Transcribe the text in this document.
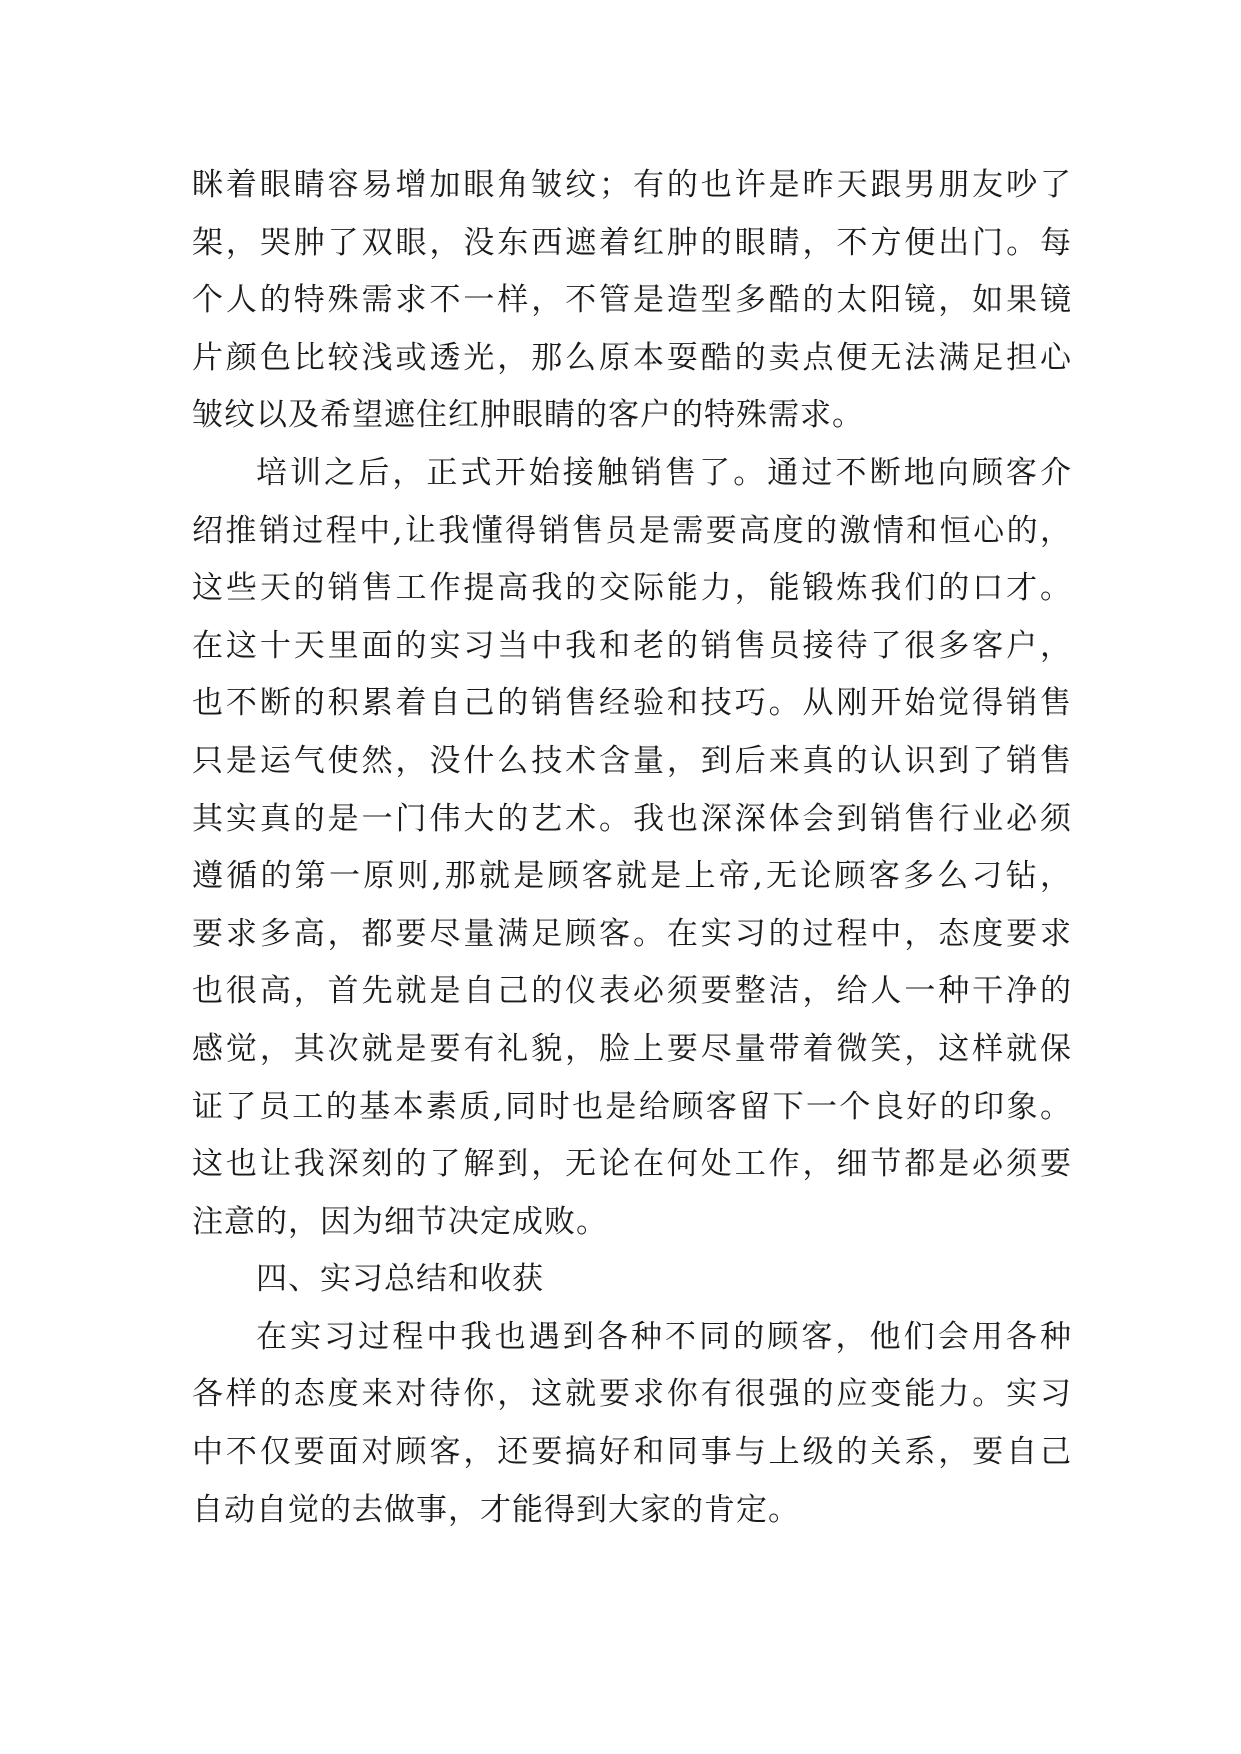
眯着眼睛容易增加眼角皱纹；有的也许是昨天跟男朋友吵了
架，哭肿了双眼，没东西遮着红肿的眼睛，不方便出门。每
个人的特殊需求不一样，不管是造型多酷的太阳镜，如果镜
片颜色比较浅或透光，那么原本耍酷的卖点便无法满足担心
皱纹以及希望遮住红肿眼睛的客户的特殊需求。
培训之后，正式开始接触销售了。通过不断地向顾客介
绍推销过程中,让我懂得销售员是需要高度的激情和恒心的，
这些天的销售工作提高我的交际能力，能锻炼我们的口才。
在这十天里面的实习当中我和老的销售员接待了很多客户，
也不断的积累着自己的销售经验和技巧。从刚开始觉得销售
只是运气使然，没什么技术含量，到后来真的认识到了销售
其实真的是一门伟大的艺术。我也深深体会到销售行业必须
遵循的第一原则,那就是顾客就是上帝,无论顾客多么刁钻，
要求多高，都要尽量满足顾客。在实习的过程中，态度要求
也很高，首先就是自己的仪表必须要整洁，给人一种干净的
感觉，其次就是要有礼貌，脸上要尽量带着微笑，这样就保
证了员工的基本素质,同时也是给顾客留下一个良好的印象。
这也让我深刻的了解到，无论在何处工作，细节都是必须要
注意的，因为细节决定成败。
四、实习总结和收获
在实习过程中我也遇到各种不同的顾客，他们会用各种
各样的态度来对待你，这就要求你有很强的应变能力。实习
中不仅要面对顾客，还要搞好和同事与上级的关系，要自己
自动自觉的去做事，才能得到大家的肯定。
